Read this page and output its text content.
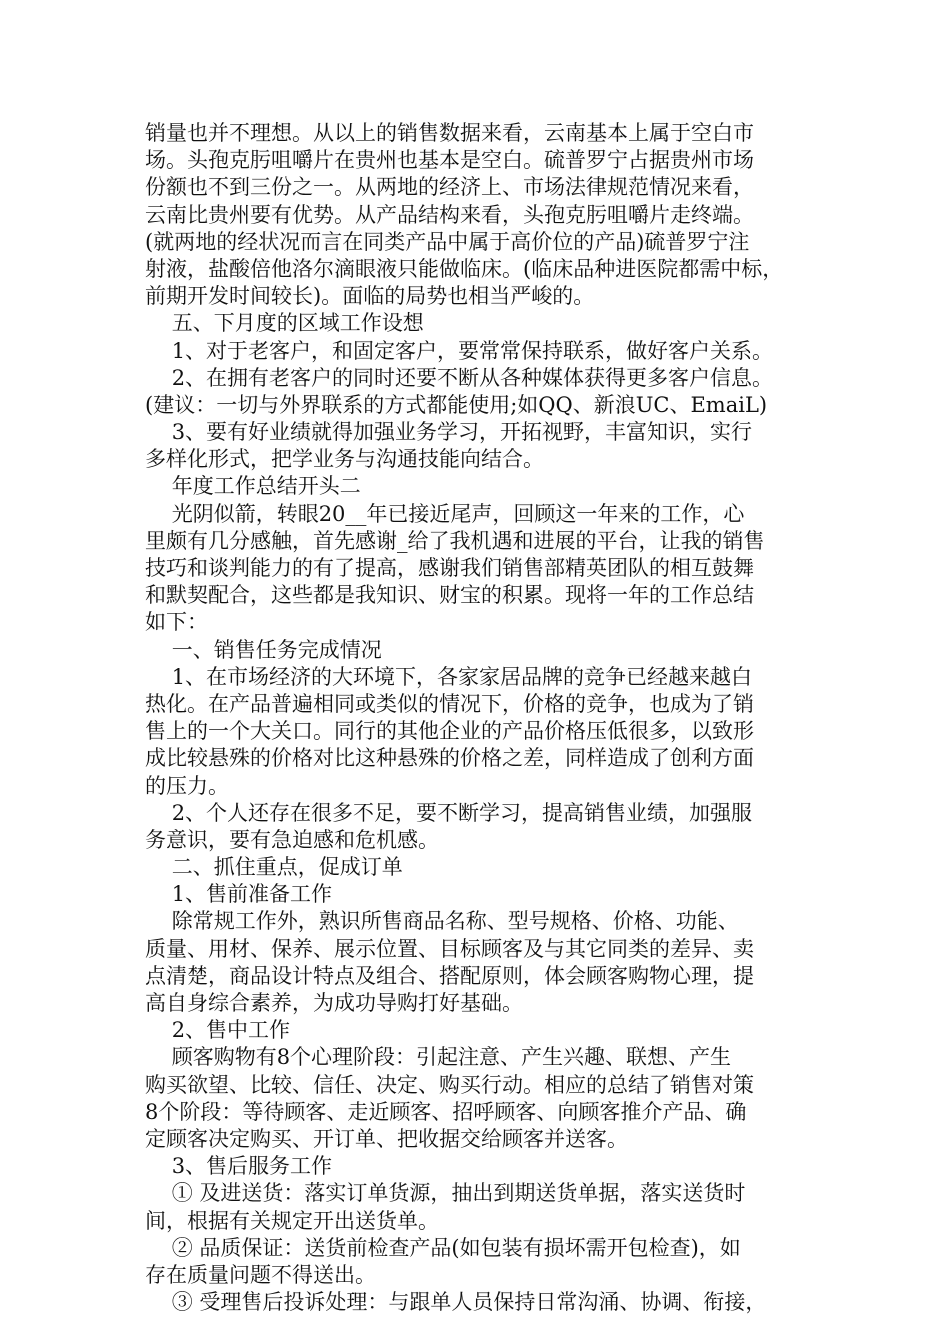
销量也并不理想。从以上的销售数据来看，云南基本上属于空白市
场。头孢克肟咀嚼片在贵州也基本是空白。硫普罗宁占据贵州市场
份额也不到三份之一。从两地的经济上、市场法律规范情况来看，
云南比贵州要有优势。从产品结构来看，头孢克肟咀嚼片走终端。
(就两地的经状况而言在同类产品中属于高价位的产品)硫普罗宁注
射液，盐酸倍他洛尔滴眼液只能做临床。(临床品种进医院都需中标，
前期开发时间较长)。面临的局势也相当严峻的。
五、下月度的区域工作设想
1、对于老客户，和固定客户，要常常保持联系，做好客户关系。
2、在拥有老客户的同时还要不断从各种媒体获得更多客户信息。
(建议：一切与外界联系的方式都能使用;如QQ、新浪UC、EmaiL)
3、要有好业绩就得加强业务学习，开拓视野，丰富知识，实行
多样化形式，把学业务与沟通技能向结合。
年度工作总结开头二
光阴似箭，转眼20__年已接近尾声，回顾这一年来的工作，心
里颇有几分感触，首先感谢_给了我机遇和进展的平台，让我的销售
技巧和谈判能力的有了提高，感谢我们销售部精英团队的相互鼓舞
和默契配合，这些都是我知识、财宝的积累。现将一年的工作总结
如下：
一、销售任务完成情况
1、在市场经济的大环境下，各家家居品牌的竞争已经越来越白
热化。在产品普遍相同或类似的情况下，价格的竞争，也成为了销
售上的一个大关口。同行的其他企业的产品价格压低很多，以致形
成比较悬殊的价格对比这种悬殊的价格之差，同样造成了创利方面
的压力。
2、个人还存在很多不足，要不断学习，提高销售业绩，加强服
务意识，要有急迫感和危机感。
二、抓住重点，促成订单
1、售前准备工作
除常规工作外，熟识所售商品名称、型号规格、价格、功能、
质量、用材、保养、展示位置、目标顾客及与其它同类的差异、卖
点清楚，商品设计特点及组合、搭配原则，体会顾客购物心理，提
高自身综合素养，为成功导购打好基础。
2、售中工作
顾客购物有8个心理阶段：引起注意、产生兴趣、联想、产生
购买欲望、比较、信任、决定、购买行动。相应的总结了销售对策
8个阶段：等待顾客、走近顾客、招呼顾客、向顾客推介产品、确
定顾客决定购买、开订单、把收据交给顾客并送客。
3、售后服务工作
① 及进送货：落实订单货源，抽出到期送货单据，落实送货时
间，根据有关规定开出送货单。
② 品质保证：送货前检查产品(如包装有损坏需开包检查)，如
存在质量问题不得送出。
③ 受理售后投诉处理：与跟单人员保持日常沟涌、协调、衔接，
